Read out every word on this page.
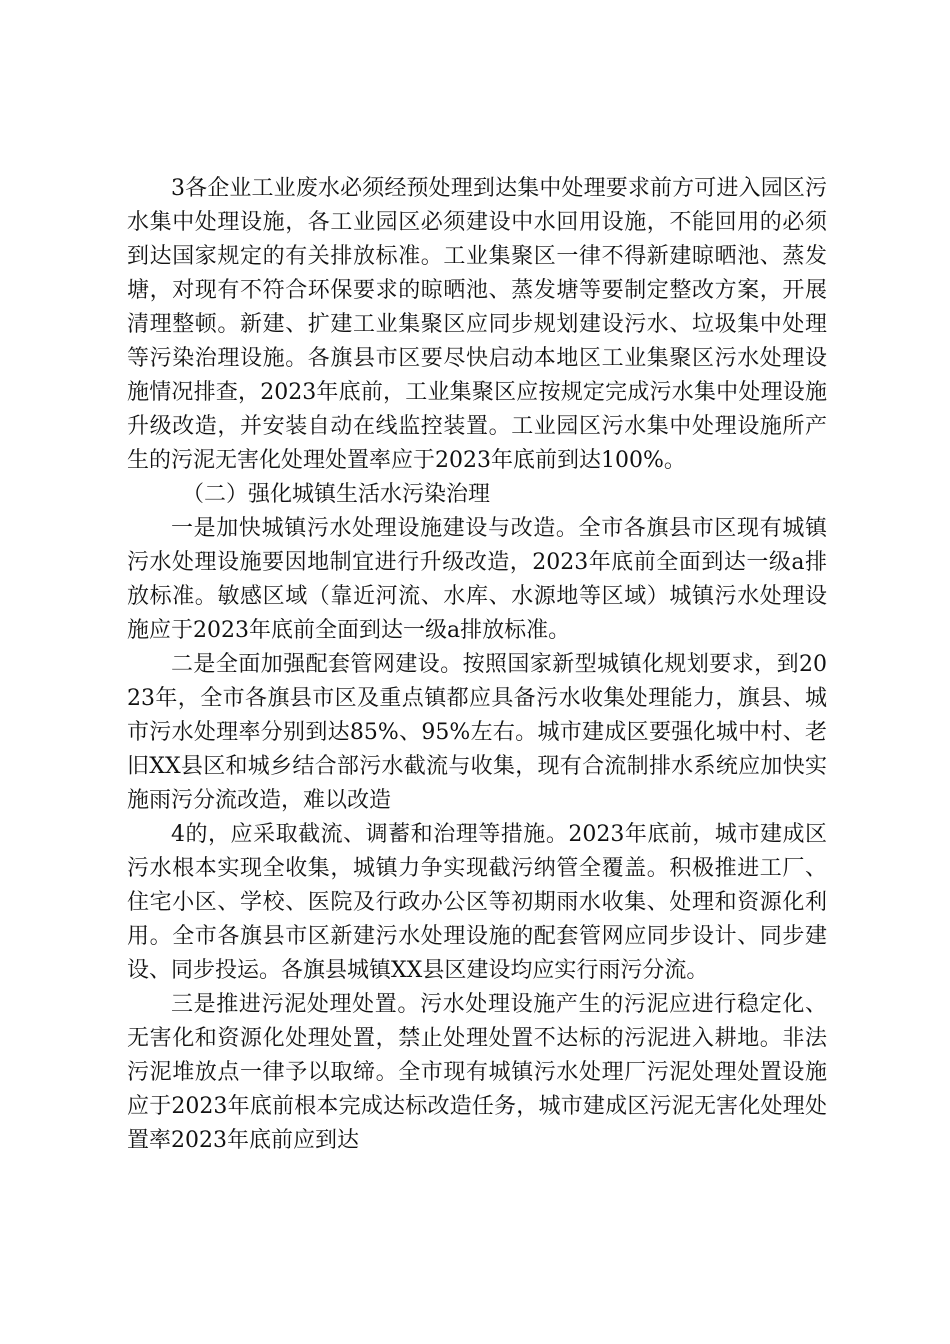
3各企业工业废水必须经预处理到达集中处理要求前方可进入园区污水集中处理设施，各工业园区必须建设中水回用设施，不能回用的必须到达国家规定的有关排放标准。工业集聚区一律不得新建晾晒池、蒸发塘，对现有不符合环保要求的晾晒池、蒸发塘等要制定整改方案，开展清理整顿。新建、扩建工业集聚区应同步规划建设污水、垃圾集中处理等污染治理设施。各旗县市区要尽快启动本地区工业集聚区污水处理设施情况排查，2023年底前，工业集聚区应按规定完成污水集中处理设施升级改造，并安装自动在线监控装置。工业园区污水集中处理设施所产生的污泥无害化处理处置率应于2023年底前到达100%。

（二）强化城镇生活水污染治理

一是加快城镇污水处理设施建设与改造。全市各旗县市区现有城镇污水处理设施要因地制宜进行升级改造，2023年底前全面到达一级a排放标准。敏感区域（靠近河流、水库、水源地等区域）城镇污水处理设施应于2023年底前全面到达一级a排放标准。

二是全面加强配套管网建设。按照国家新型城镇化规划要求，到2023年，全市各旗县市区及重点镇都应具备污水收集处理能力，旗县、城市污水处理率分别到达85%、95%左右。城市建成区要强化城中村、老旧XX县区和城乡结合部污水截流与收集，现有合流制排水系统应加快实施雨污分流改造，难以改造

4的，应采取截流、调蓄和治理等措施。2023年底前，城市建成区污水根本实现全收集，城镇力争实现截污纳管全覆盖。积极推进工厂、住宅小区、学校、医院及行政办公区等初期雨水收集、处理和资源化利用。全市各旗县市区新建污水处理设施的配套管网应同步设计、同步建设、同步投运。各旗县城镇XX县区建设均应实行雨污分流。

三是推进污泥处理处置。污水处理设施产生的污泥应进行稳定化、无害化和资源化处理处置，禁止处理处置不达标的污泥进入耕地。非法污泥堆放点一律予以取缔。全市现有城镇污水处理厂污泥处理处置设施应于2023年底前根本完成达标改造任务，城市建成区污泥无害化处理处置率2023年底前应到达
